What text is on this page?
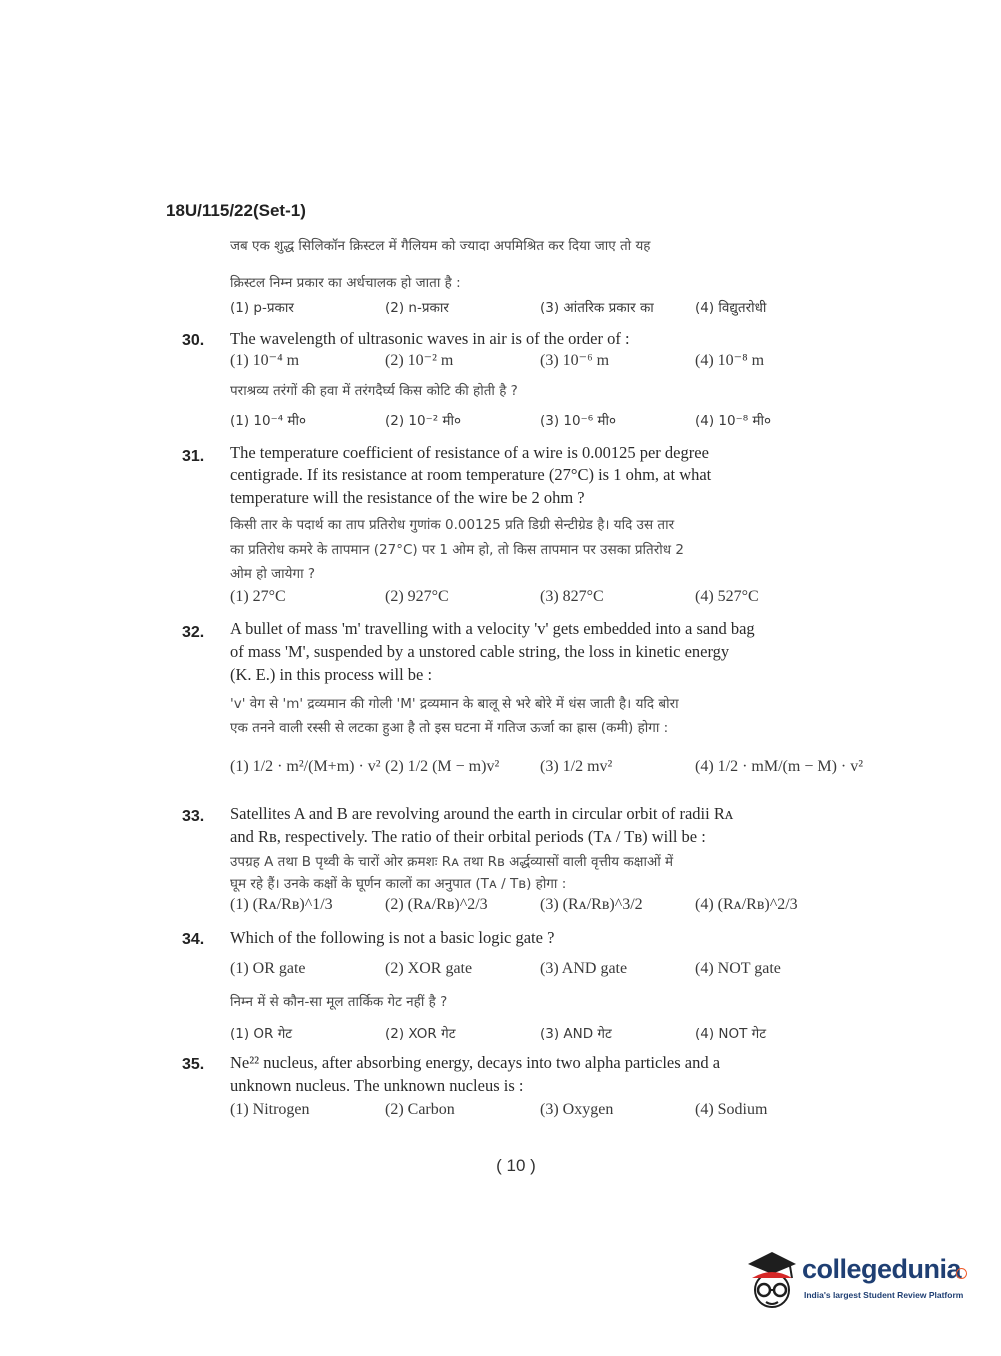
18U/115/22(Set-1)
जब एक शुद्ध सिलिकॉन क्रिस्टल में गैलियम को ज्यादा अपमिश्रित कर दिया जाए तो यह
क्रिस्टल निम्न प्रकार का अर्धचालक हो जाता है :
(1) p-प्रकार	(2) n-प्रकार	(3) आंतरिक प्रकार का	(4) विद्युतरोधी
30.	The wavelength of ultrasonic waves in air is of the order of :
(1) 10⁻⁴ m	(2) 10⁻² m	(3) 10⁻⁶ m	(4) 10⁻⁸ m
पराश्रव्य तरंगों की हवा में तरंगदैर्घ्य किस कोटि की होती है ?
(1) 10⁻⁴ मी०	(2) 10⁻² मी०	(3) 10⁻⁶ मी०	(4) 10⁻⁸ मी०
31.	The temperature coefficient of resistance of a wire is 0.00125 per degree
centigrade. If its resistance at room temperature (27°C) is 1 ohm, at what
temperature will the resistance of the wire be 2 ohm ?
किसी तार के पदार्थ का ताप प्रतिरोध गुणांक 0.00125 प्रति डिग्री सेन्टीग्रेड है। यदि उस तार
का प्रतिरोध कमरे के तापमान (27°C) पर 1 ओम हो, तो किस तापमान पर उसका प्रतिरोध 2
ओम हो जायेगा ?
(1) 27°C	(2) 927°C	(3) 827°C	(4) 527°C
32.	A bullet of mass 'm' travelling with a velocity 'v' gets embedded into a sand bag
of mass 'M', suspended by a unstored cable string, the loss in kinetic energy
(K. E.) in this process will be :
'v' वेग से 'm' द्रव्यमान की गोली 'M' द्रव्यमान के बालू से भरे बोरे में धंस जाती है। यदि बोरा
एक तनने वाली रस्सी से लटका हुआ है तो इस घटना में गतिज ऊर्जा का ह्रास (कमी) होगा :
(1) 1/2 · m²/(M+m) · v² (2) 1/2 (M − m)v²	(3) 1/2 mv²	(4) 1/2 · mM/(m − M) · v²
33.	Satellites A and B are revolving around the earth in circular orbit of radii Rᴀ
and Rʙ, respectively. The ratio of their orbital periods (Tᴀ / Tʙ) will be :
उपग्रह A तथा B पृथ्वी के चारों ओर क्रमशः Rᴀ तथा Rʙ अर्द्धव्यासों वाली वृत्तीय कक्षाओं में
घूम रहे हैं। उनके कक्षों के घूर्णन कालों का अनुपात (Tᴀ / Tʙ) होगा :
(1) (Rᴀ/Rʙ)^1/3	(2) (Rᴀ/Rʙ)^2/3	(3) (Rᴀ/Rʙ)^3/2	(4) (Rᴀ/Rʙ)^2/3
34.	Which of the following is not a basic logic gate ?
(1) OR gate	(2) XOR gate	(3) AND gate	(4) NOT gate
निम्न में से कौन-सा मूल तार्किक गेट नहीं है ?
(1) OR गेट	(2) XOR गेट	(3) AND गेट	(4) NOT गेट
35.	Ne²² nucleus, after absorbing energy, decays into two alpha particles and a
unknown nucleus. The unknown nucleus is :
(1) Nitrogen	(2) Carbon	(3) Oxygen	(4) Sodium
( 10 )
collegedunia
India's largest Student Review Platform
